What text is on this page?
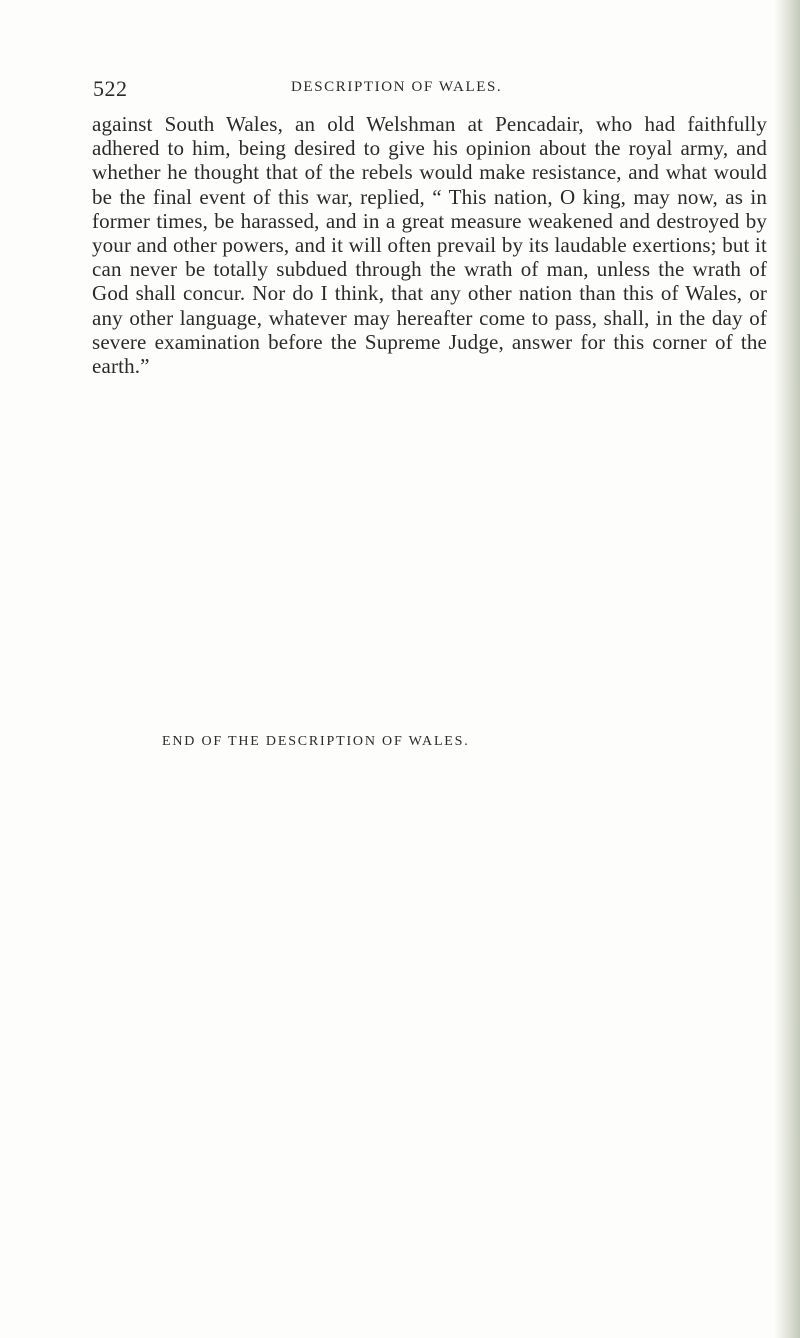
522	DESCRIPTION OF WALES.

against South Wales, an old Welshman at Pencadair, who had faithfully adhered to him, being desired to give his opinion about the royal army, and whether he thought that of the rebels would make resistance, and what would be the final event of this war, replied, “ This nation, O king, may now, as in former times, be harassed, and in a great measure weakened and destroyed by your and other powers, and it will often prevail by its laudable exertions; but it can never be totally subdued through the wrath of man, unless the wrath of God shall concur. Nor do I think, that any other nation than this of Wales, or any other language, whatever may hereafter come to pass, shall, in the day of severe examination before the Supreme Judge, answer for this corner of the earth.”

END OF THE DESCRIPTION OF WALES.
